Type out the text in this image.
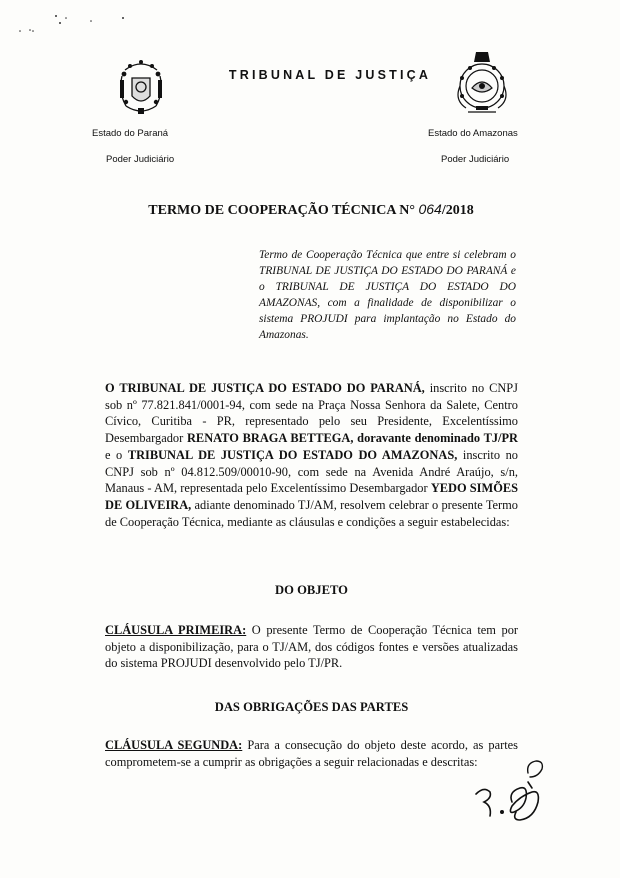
TRIBUNAL DE JUSTIÇA
Estado do Paraná	Estado do Amazonas
Poder Judiciário	Poder Judiciário
TERMO DE COOPERAÇÃO TÉCNICA N° 064/2018
Termo de Cooperação Técnica que entre si celebram o TRIBUNAL DE JUSTIÇA DO ESTADO DO PARANÁ e o TRIBUNAL DE JUSTIÇA DO ESTADO DO AMAZONAS, com a finalidade de disponibilizar o sistema PROJUDI para implantação no Estado do Amazonas.
O TRIBUNAL DE JUSTIÇA DO ESTADO DO PARANÁ, inscrito no CNPJ sob nº 77.821.841/0001-94, com sede na Praça Nossa Senhora da Salete, Centro Cívico, Curitiba - PR, representado pelo seu Presidente, Excelentíssimo Desembargador RENATO BRAGA BETTEGA, doravante denominado TJ/PR e o TRIBUNAL DE JUSTIÇA DO ESTADO DO AMAZONAS, inscrito no CNPJ sob nº 04.812.509/00010-90, com sede na Avenida André Araújo, s/n, Manaus - AM, representada pelo Excelentíssimo Desembargador YEDO SIMÕES DE OLIVEIRA, adiante denominado TJ/AM, resolvem celebrar o presente Termo de Cooperação Técnica, mediante as cláusulas e condições a seguir estabelecidas:
DO OBJETO
CLÁUSULA PRIMEIRA: O presente Termo de Cooperação Técnica tem por objeto a disponibilização, para o TJ/AM, dos códigos fontes e versões atualizadas do sistema PROJUDI desenvolvido pelo TJ/PR.
DAS OBRIGAÇÕES DAS PARTES
CLÁUSULA SEGUNDA: Para a consecução do objeto deste acordo, as partes comprometem-se a cumprir as obrigações a seguir relacionadas e descritas:
